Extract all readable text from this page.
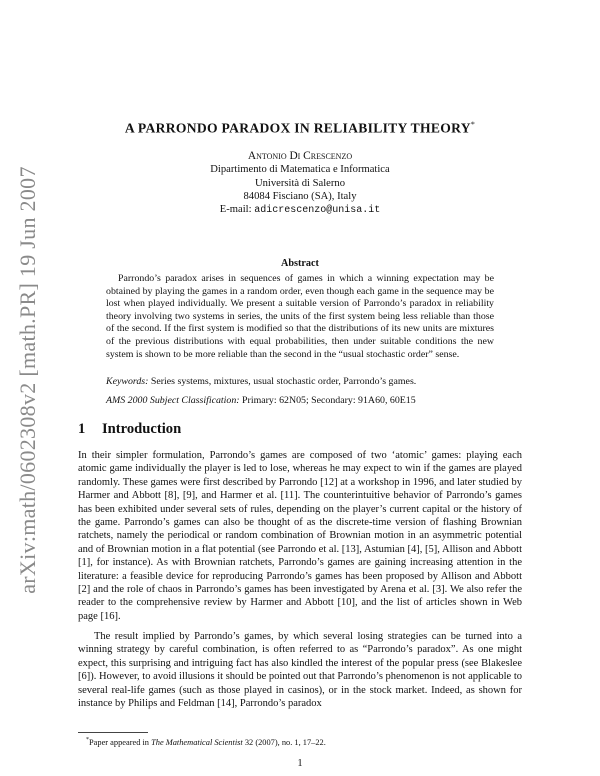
arXiv:math/0602308v2 [math.PR] 19 Jun 2007
A PARRONDO PARADOX IN RELIABILITY THEORY*
Antonio Di Crescenzo
Dipartimento di Matematica e Informatica
Università di Salerno
84084 Fisciano (SA), Italy
E-mail: adicrescenzo@unisa.it
Abstract

Parrondo’s paradox arises in sequences of games in which a winning expectation may be obtained by playing the games in a random order, even though each game in the sequence may be lost when played individually. We present a suitable version of Parrondo’s paradox in reliability theory involving two systems in series, the units of the first system being less reliable than those of the second. If the first system is modified so that the distributions of its new units are mixtures of the previous distributions with equal probabilities, then under suitable conditions the new system is shown to be more reliable than the second in the “usual stochastic order” sense.

Keywords: Series systems, mixtures, usual stochastic order, Parrondo’s games.

AMS 2000 Subject Classification: Primary: 62N05; Secondary: 91A60, 60E15

1 Introduction

In their simpler formulation, Parrondo’s games are composed of two ‘atomic’ games: playing each atomic game individually the player is led to lose, whereas he may expect to win if the games are played randomly. These games were first described by Parrondo [12] at a workshop in 1996, and later studied by Harmer and Abbott [8], [9], and Harmer et al. [11]. The counterintuitive behavior of Parrondo’s games has been exhibited under several sets of rules, depending on the player’s current capital or the history of the game. Parrondo’s games can also be thought of as the discrete-time version of flashing Brownian ratchets, namely the periodical or random combination of Brownian motion in an asymmetric potential and of Brownian motion in a flat potential (see Parrondo et al. [13], Astumian [4], [5], Allison and Abbott [1], for instance). As with Brownian ratchets, Parrondo’s games are gaining increasing attention in the literature: a feasible device for reproducing Parrondo’s games has been proposed by Allison and Abbott [2] and the role of chaos in Parrondo’s games has been investigated by Arena et al. [3]. We also refer the reader to the comprehensive review by Harmer and Abbott [10], and the list of articles shown in Web page [16].

The result implied by Parrondo’s games, by which several losing strategies can be turned into a winning strategy by careful combination, is often referred to as “Parrondo’s paradox”. As one might expect, this surprising and intriguing fact has also kindled the interest of the popular press (see Blakeslee [6]). However, to avoid illusions it should be pointed out that Parrondo’s phenomenon is not applicable to several real-life games (such as those played in casinos), or in the stock market. Indeed, as shown for instance by Philips and Feldman [14], Parrondo’s paradox

*Paper appeared in The Mathematical Scientist 32 (2007), no. 1, 17–22.

1
